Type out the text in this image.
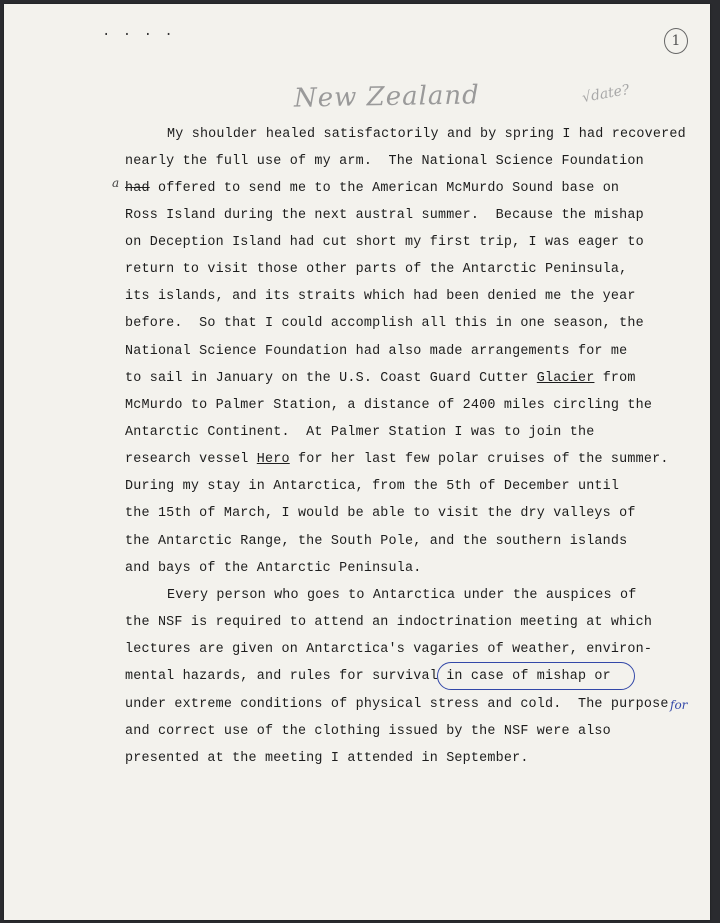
. . . .
1
New Zealand	√date?
My shoulder healed satisfactorily and by spring I had recovered
nearly the full use of my arm.  The National Science Foundation
had offered to send me to the American McMurdo Sound base on
Ross Island during the next austral summer.  Because the mishap
on Deception Island had cut short my first trip, I was eager to
return to visit those other parts of the Antarctic Peninsula,
its islands, and its straits which had been denied me the year
before.  So that I could accomplish all this in one season, the
National Science Foundation had also made arrangements for me
to sail in January on the U.S. Coast Guard Cutter Glacier from
McMurdo to Palmer Station, a distance of 2400 miles circling the
Antarctic Continent.  At Palmer Station I was to join the
research vessel Hero for her last few polar cruises of the summer.
During my stay in Antarctica, from the 5th of December until
the 15th of March, I would be able to visit the dry valleys of
the Antarctic Range, the South Pole, and the southern islands
and bays of the Antarctic Peninsula.
Every person who goes to Antarctica under the auspices of
the NSF is required to attend an indoctrination meeting at which
lectures are given on Antarctica's vagaries of weather, environ-
mental hazards, and rules for survival in case of mishap or
under extreme conditions of physical stress and cold.  The purpose
and correct use of the clothing issued by the NSF were also
presented at the meeting I attended in September.
a
for
